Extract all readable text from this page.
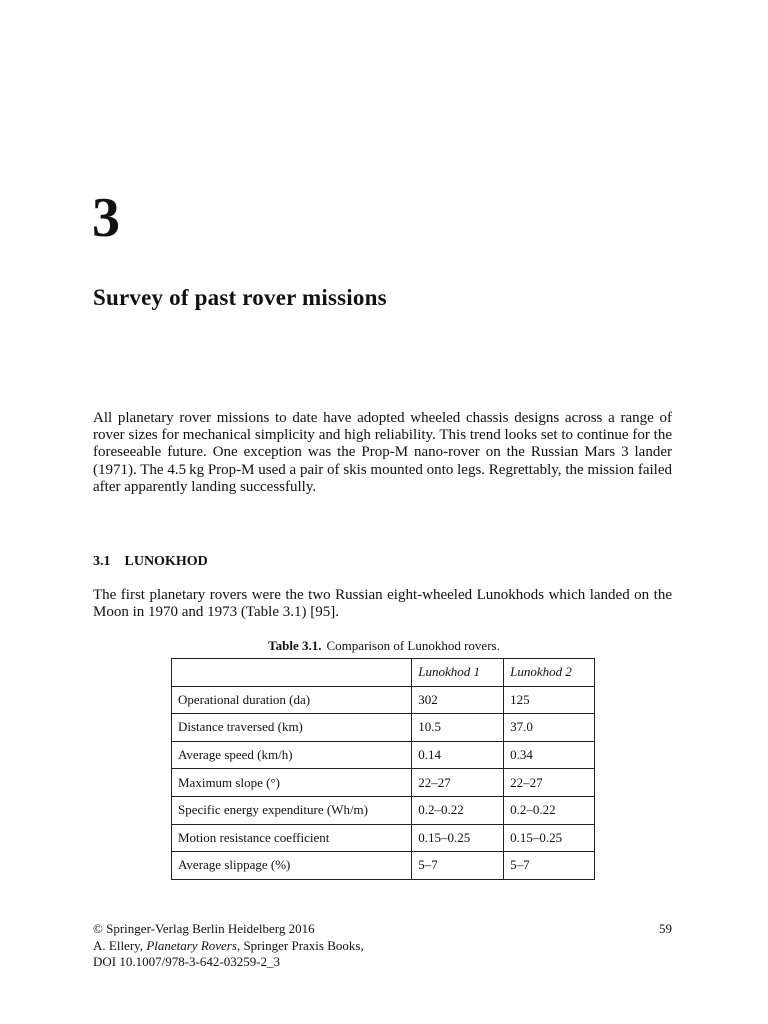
3
Survey of past rover missions

All planetary rover missions to date have adopted wheeled chassis designs across a range of rover sizes for mechanical simplicity and high reliability. This trend looks set to continue for the foreseeable future. One exception was the Prop-M nano-rover on the Russian Mars 3 lander (1971). The 4.5 kg Prop-M used a pair of skis mounted onto legs. Regrettably, the mission failed after apparently landing successfully.

3.1 LUNOKHOD

The first planetary rovers were the two Russian eight-wheeled Lunokhods which landed on the Moon in 1970 and 1973 (Table 3.1) [95].

Table 3.1. Comparison of Lunokhod rovers.
	Lunokhod 1	Lunokhod 2
Operational duration (da)	302	125
Distance traversed (km)	10.5	37.0
Average speed (km/h)	0.14	0.34
Maximum slope (°)	22–27	22–27
Specific energy expenditure (Wh/m)	0.2–0.22	0.2–0.22
Motion resistance coefficient	0.15–0.25	0.15–0.25
Average slippage (%)	5–7	5–7
© Springer-Verlag Berlin Heidelberg 2016
A. Ellery, Planetary Rovers, Springer Praxis Books,
DOI 10.1007/978-3-642-03259-2_3
59
